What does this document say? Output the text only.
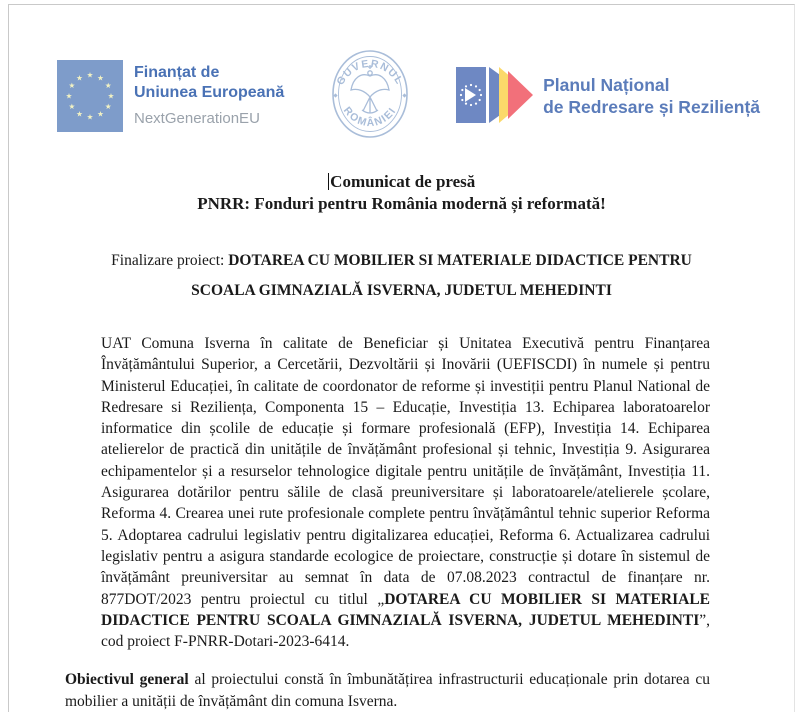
★ ★
★
★
★
★
★
★
★
★
★
★	Finanțat de
Uniunea Europeană
NextGenerationEU
GUVERNUL
ROMÂNIEI
Planul Național
de Redresare și Reziliență
Comunicat de presă
PNRR: Fonduri pentru România modernă și reformată!
Finalizare proiect: DOTAREA CU MOBILIER SI MATERIALE DIDACTICE PENTRU SCOALA GIMNAZIALĂ ISVERNA, JUDETUL MEHEDINTI

UAT Comuna Isverna în calitate de Beneficiar și Unitatea Executivă pentru Finanțarea Învățământului Superior, a Cercetării, Dezvoltării și Inovării (UEFISCDI) în numele și pentru Ministerul Educației, în calitate de coordonator de reforme și investiții pentru Planul National de Redresare si Reziliența, Componenta 15 – Educație, Investiția 13. Echiparea laboratoarelor informatice din școlile de educație și formare profesională (EFP), Investiția 14. Echiparea atelierelor de practică din unitățile de învățământ profesional și tehnic, Investiția 9. Asigurarea echipamentelor și a resurselor tehnologice digitale pentru unitățile de învățământ, Investiția 11. Asigurarea dotărilor pentru sălile de clasă preuniversitare și laboratoarele/atelierele școlare, Reforma 4. Crearea unei rute profesionale complete pentru învățământul tehnic superior Reforma 5. Adoptarea cadrului legislativ pentru digitalizarea educației, Reforma 6. Actualizarea cadrului legislativ pentru a asigura standarde ecologice de proiectare, construcție și dotare în sistemul de învățământ preuniversitar au semnat în data de 07.08.2023 contractul de finanțare nr. 877DOT/2023 pentru proiectul cu titlul „DOTAREA CU MOBILIER SI MATERIALE DIDACTICE PENTRU SCOALA GIMNAZIALĂ ISVERNA, JUDETUL MEHEDINTI”, cod proiect F-PNRR-Dotari-2023-6414.

Obiectivul general al proiectului constă în îmbunătățirea infrastructurii educaționale prin dotarea cu mobilier a unității de învățământ din comuna Isverna.
